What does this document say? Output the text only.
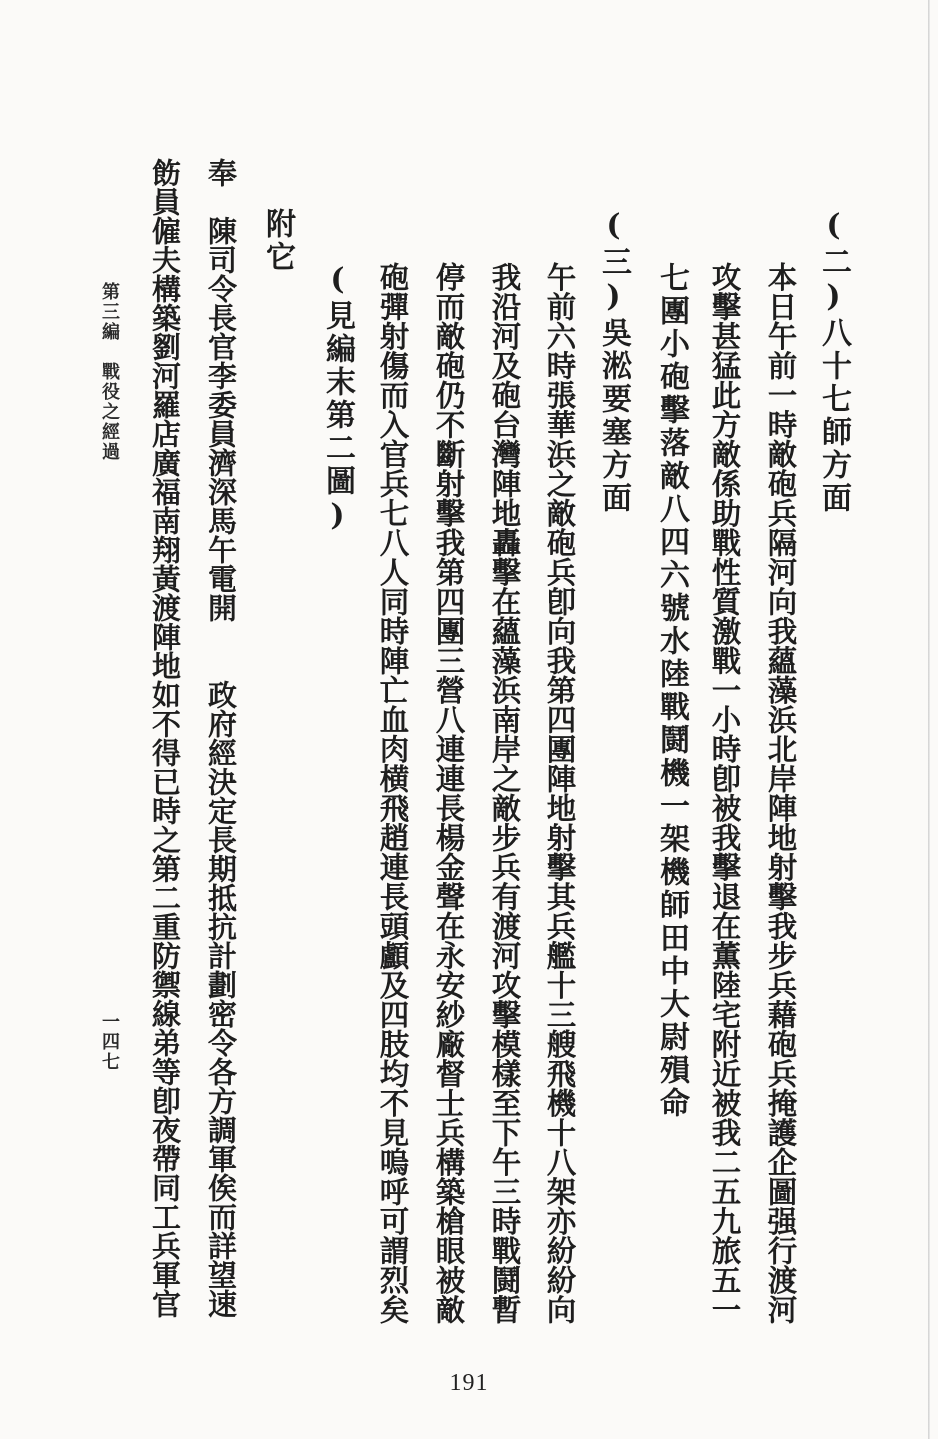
(二)八十七師方面
本日午前一時敵砲兵隔河向我蘊藻浜北岸陣地射擊我步兵藉砲兵掩護企圖强行渡河
攻擊甚猛此方敵係助戰性質激戰一小時卽被我擊退在薫陸宅附近被我二五九旅五一
七團小砲擊落敵八四六號水陸戰鬪機一架機師田中大尉殞命
(三)吳淞要塞方面
午前六時張華浜之敵砲兵卽向我第四團陣地射擊其兵艦十三艘飛機十八架亦紛紛向
我沿河及砲台灣陣地轟擊在蘊藻浜南岸之敵步兵有渡河攻擊模樣至下午三時戰鬪暫
停而敵砲仍不斷射擊我第四團三營八連連長楊金聲在永安紗廠督士兵構築槍眼被敵
砲彈射傷而入官兵七八人同時陣亡血肉横飛趙連長頭顱及四肢均不見嗚呼可謂烈矣
(見編末第二圖)
附它
奉　陳司令長官李委員濟深馬午電開　　政府經決定長期抵抗計劃密令各方調軍俟而詳望速
飭員僱夫構築劉河羅店廣福南翔黃渡陣地如不得已時之第二重防禦線弟等卽夜帶同工兵軍官
第三編　戰役之經過
一四七
191
